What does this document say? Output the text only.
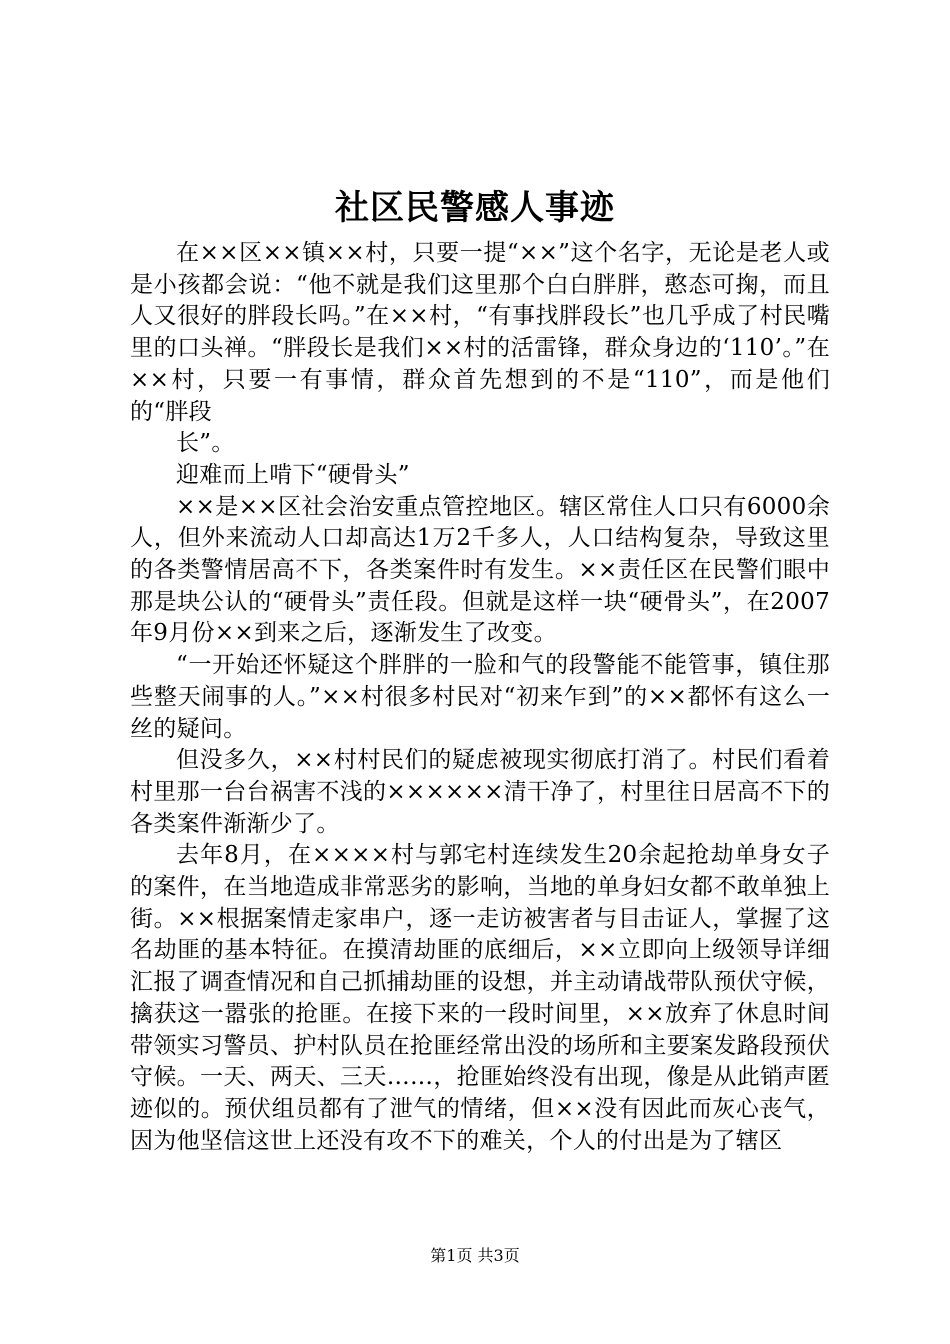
社区民警感人事迹

在××区××镇××村，只要一提“××”这个名字，无论是老人或是小孩都会说：“他不就是我们这里那个白白胖胖，憨态可掬，而且人又很好的胖段长吗。”在××村，“有事找胖段长”也几乎成了村民嘴里的口头禅。“胖段长是我们××村的活雷锋，群众身边的‘110’。”在××村，只要一有事情，群众首先想到的不是“110”，而是他们的“胖段

长”。

迎难而上啃下“硬骨头”

××是××区社会治安重点管控地区。辖区常住人口只有6000余人，但外来流动人口却高达1万2千多人，人口结构复杂，导致这里的各类警情居高不下，各类案件时有发生。××责任区在民警们眼中那是块公认的“硬骨头”责任段。但就是这样一块“硬骨头”，在2007年9月份××到来之后，逐渐发生了改变。

“一开始还怀疑这个胖胖的一脸和气的段警能不能管事，镇住那些整天闹事的人。”××村很多村民对“初来乍到”的××都怀有这么一丝的疑问。

但没多久，××村村民们的疑虑被现实彻底打消了。村民们看着村里那一台台祸害不浅的××××××清干净了，村里往日居高不下的各类案件渐渐少了。

去年8月，在××××村与郭宅村连续发生20余起抢劫单身女子的案件，在当地造成非常恶劣的影响，当地的单身妇女都不敢单独上街。××根据案情走家串户，逐一走访被害者与目击证人，掌握了这名劫匪的基本特征。在摸清劫匪的底细后，××立即向上级领导详细汇报了调查情况和自己抓捕劫匪的设想，并主动请战带队预伏守候，擒获这一嚣张的抢匪。在接下来的一段时间里，××放弃了休息时间带领实习警员、护村队员在抢匪经常出没的场所和主要案发路段预伏守候。一天、两天、三天……，抢匪始终没有出现，像是从此销声匿迹似的。预伏组员都有了泄气的情绪，但××没有因此而灰心丧气，因为他坚信这世上还没有攻不下的难关，个人的付出是为了辖区

第1页 共3页
